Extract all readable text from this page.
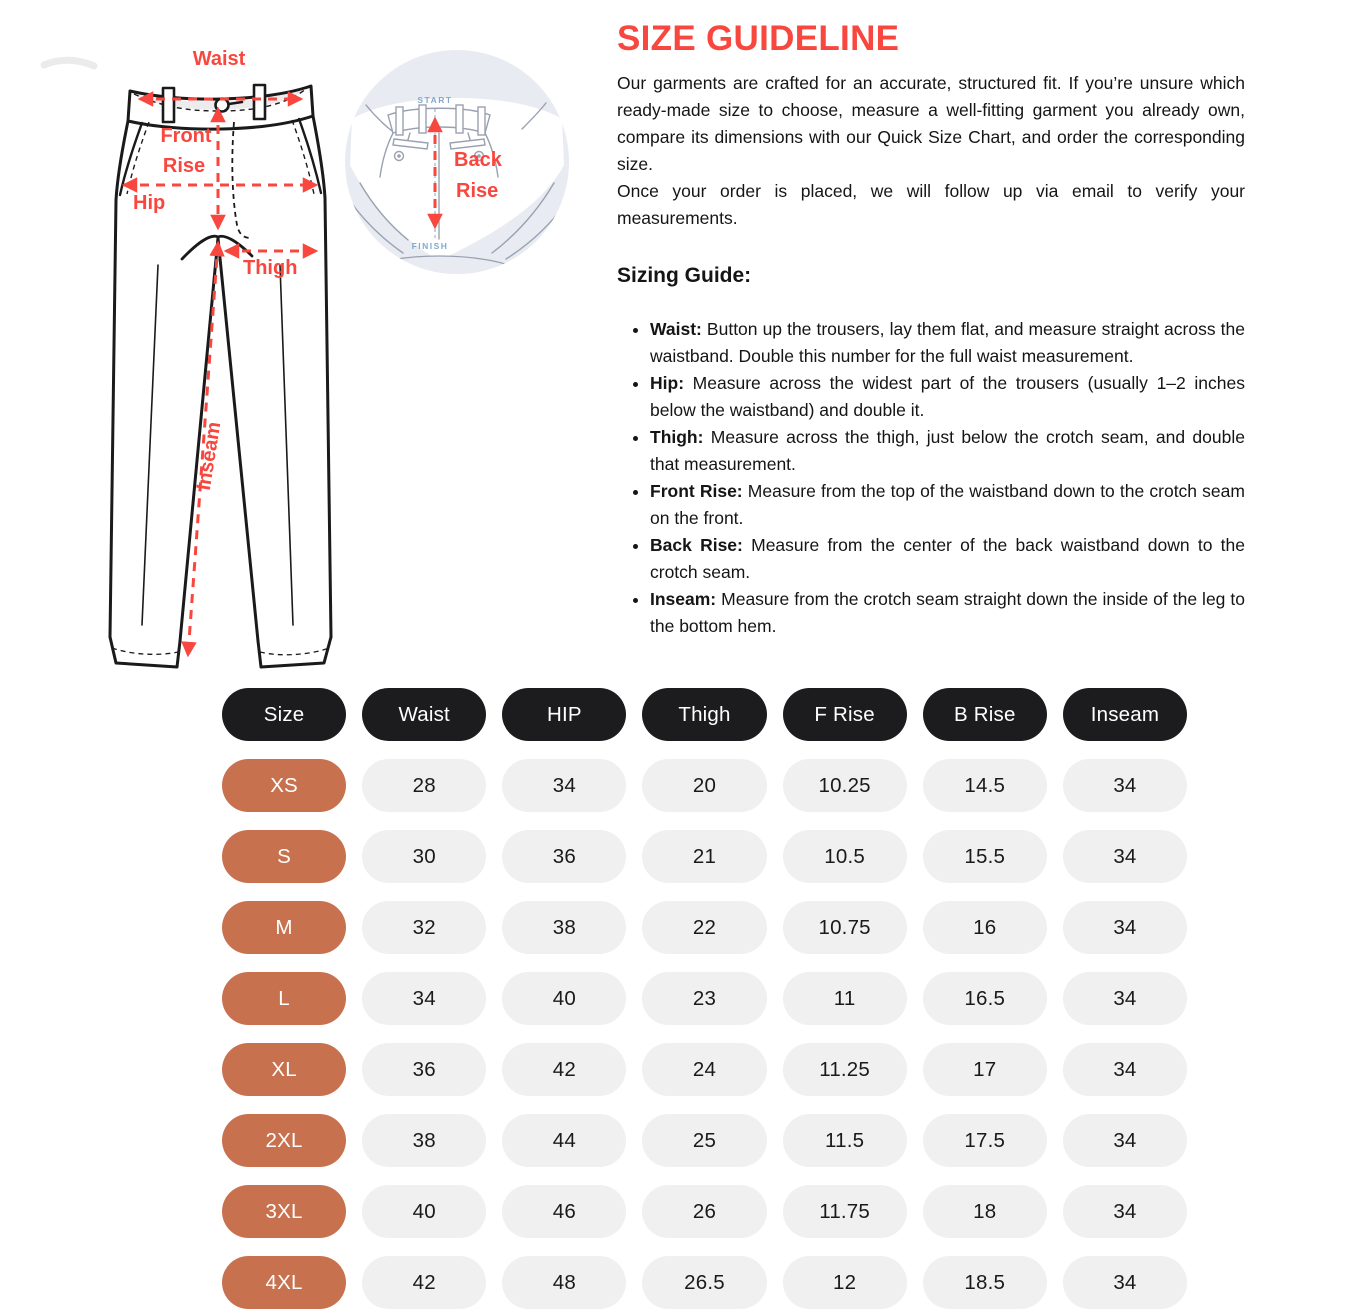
START
FINISH
Back
Rise
Waist
Front
Rise
Hip
Thigh
Inseam
SIZE GUIDELINE

Our garments are crafted for an accurate, structured fit. If you’re unsure which ready-made size to choose, measure a well-fitting garment you already own, compare its dimensions with our Quick Size Chart, and order the corresponding size.

Once your order is placed, we will follow up via email to verify your measurements.

Sizing Guide:
• Waist: Button up the trousers, lay them flat, and measure straight across the waistband. Double this number for the full waist measurement.
• Hip: Measure across the widest part of the trousers (usually 1–2 inches below the waistband) and double it.
• Thigh: Measure across the thigh, just below the crotch seam, and double that measurement.
• Front Rise: Measure from the top of the waistband down to the crotch seam on the front.
• Back Rise: Measure from the center of the back waistband down to the crotch seam.
• Inseam: Measure from the crotch seam straight down the inside of the leg to the bottom hem.
Size	Waist	HIP	Thigh	F Rise	B Rise	Inseam
XS	28	34	20	10.25	14.5	34
S	30	36	21	10.5	15.5	34
M	32	38	22	10.75	16	34
L	34	40	23	11	16.5	34
XL	36	42	24	11.25	17	34
2XL	38	44	25	11.5	17.5	34
3XL	40	46	26	11.75	18	34
4XL	42	48	26.5	12	18.5	34
